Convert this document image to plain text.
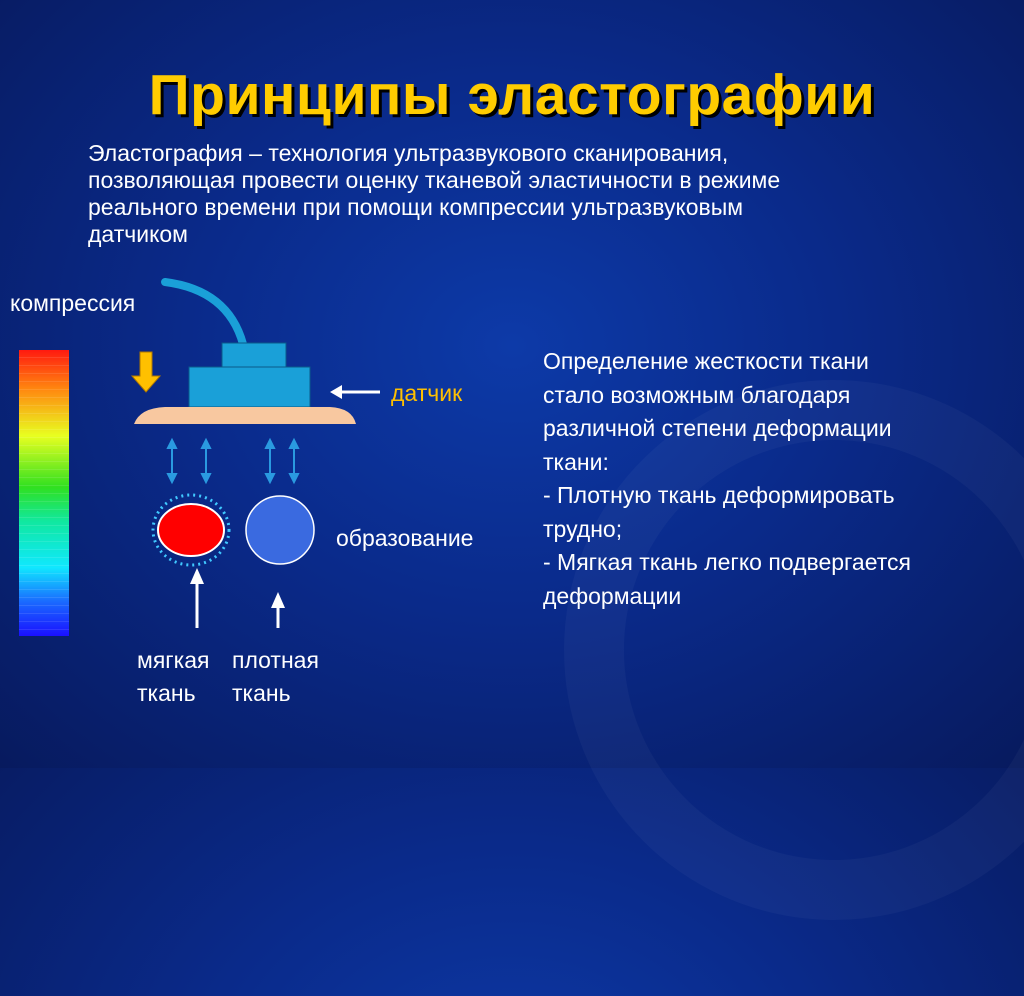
Принципы эластографии
Эластография – технология ультразвукового сканирования,
позволяющая провести оценку тканевой эластичности в режиме
реального времени при помощи компрессии ультразвуковым
датчиком
компрессия
датчик
образование
мягкая
ткань
плотная
ткань
Определение жесткости ткани
стало возможным благодаря
различной степени деформации
ткани:
- Плотную ткань деформировать
трудно;
- Мягкая ткань легко подвергается
деформации
